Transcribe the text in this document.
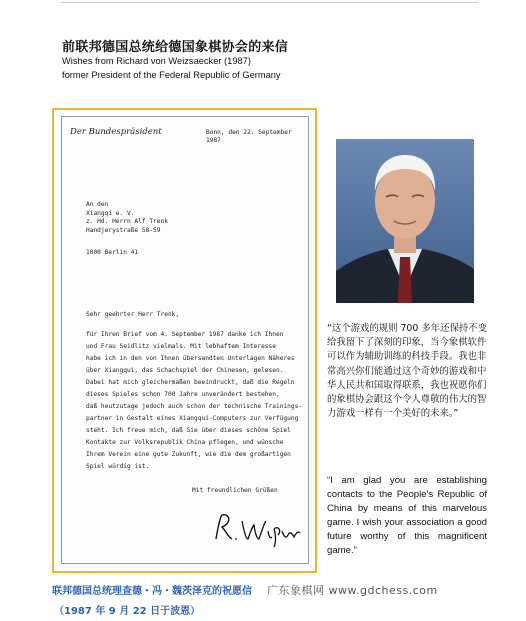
前联邦德国总统给德国象棋协会的来信
Wishes from Richard von Weizsaecker (1987)
former President of the Federal Republic of Germany
Der Bundespräsident	Bonn, den 22. September 1987
An den
Xiangqi e. V.
z. Hd. Herrn Alf Trenk
Handjerystraße 58-59
1000 Berlin 41
Sehr geehrter Herr Trenk,
für Ihren Brief vom 4. September 1987 danke ich Ihnen
und Frau Seidlitz vielmals. Mit lebhaftem Interesse
habe ich in den von Ihnen übersandten Unterlagen Näheres
über Xiangqui, das Schachspiel der Chinesen, gelesen.
Dabei hat mich gleichermaßen beeindruckt, daß die Regeln
dieses Spieles schon 700 Jahre unverändert bestehen,
daß heutzutage jedoch auch schon der technische Trainings-
partner in Gestalt eines Xiangqui-Computers zur Verfügung
steht. Ich freue mich, daß Sie über dieses schöne Spiel
Kontakte zur Volksrepublik China pflegen, und wünsche
Ihrem Verein eine gute Zukunft, wie die dem großartigen
Spiel würdig ist.
Mit freundlichen Grüßen
“这个游戏的规则 700 多年还保持不变给我留下了深刻的印象，当今象棋软件可以作为辅助训练的科技手段。我也非常高兴你们能通过这个奇妙的游戏和中华人民共和国取得联系，我也祝愿你们的象棋协会跟这个令人尊敬的伟大的智力游戏一样有一个美好的未来。”
“I am glad you are establishing contacts to the People's Republic of China by means of this marvelous game. I wish your association a good future worthy of this magnificent game.”
联邦德国总统理查德・冯・魏茨泽克的祝愿信 广东象棋网 www.gdchess.com
（1987 年 9 月 22 日于波恩）
